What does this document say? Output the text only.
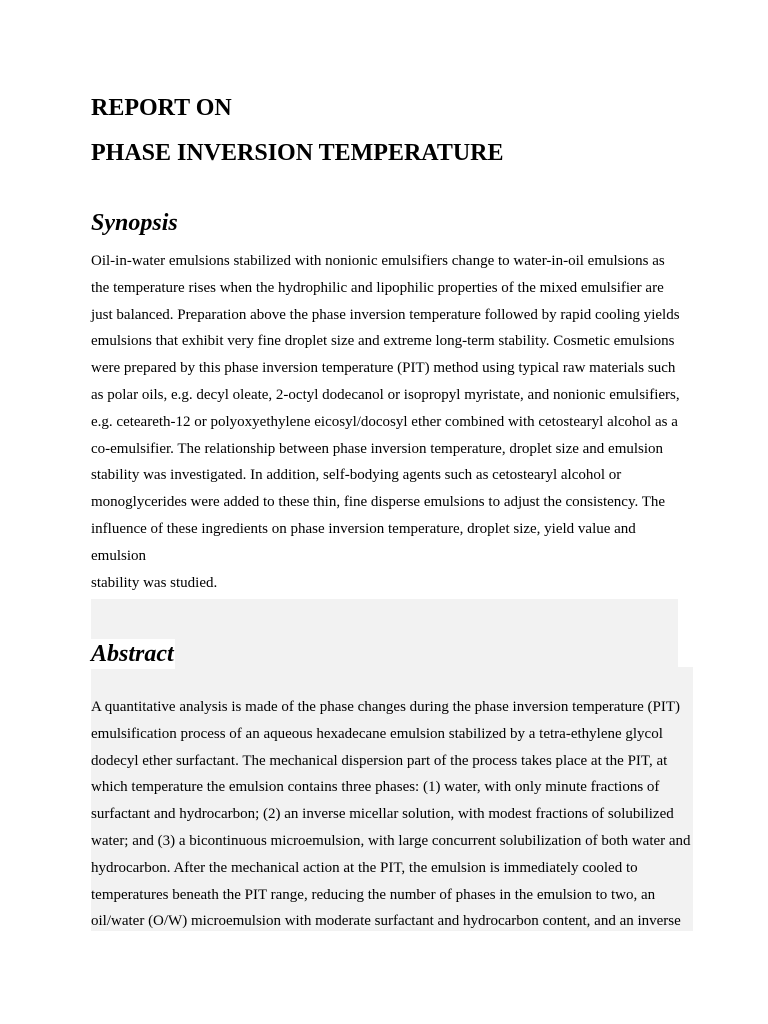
REPORT ON
PHASE INVERSION TEMPERATURE
Synopsis
Oil-in-water emulsions stabilized with nonionic emulsifiers change to water-in-oil emulsions as the temperature rises when the hydrophilic and lipophilic properties of the mixed emulsifier are just balanced. Preparation above the phase inversion temperature followed by rapid cooling yields emulsions that exhibit very fine droplet size and extreme long-term stability. Cosmetic emulsions were prepared by this phase inversion temperature (PIT) method using typical raw materials such as polar oils, e.g. decyl oleate, 2-octyl dodecanol or isopropyl myristate, and nonionic emulsifiers, e.g. ceteareth-12 or polyoxyethylene eicosyl/docosyl ether combined with cetostearyl alcohol as a co-emulsifier. The relationship between phase inversion temperature, droplet size and emulsion stability was investigated. In addition, self-bodying agents such as cetostearyl alcohol or monoglycerides were added to these thin, fine disperse emulsions to adjust the consistency. The influence of these ingredients on phase inversion temperature, droplet size, yield value and emulsion
stability was studied.
Abstract

A quantitative analysis is made of the phase changes during the phase inversion temperature (PIT) emulsification process of an aqueous hexadecane emulsion stabilized by a tetra-ethylene glycol dodecyl ether surfactant. The mechanical dispersion part of the process takes place at the PIT, at which temperature the emulsion contains three phases: (1) water, with only minute fractions of surfactant and hydrocarbon; (2) an inverse micellar solution, with modest fractions of solubilized water; and (3) a bicontinuous microemulsion, with large concurrent solubilization of both water and hydrocarbon. After the mechanical action at the PIT, the emulsion is immediately cooled to temperatures beneath the PIT range, reducing the number of phases in the emulsion to two, an oil/water (O/W) microemulsion with moderate surfactant and hydrocarbon content, and an inverse
